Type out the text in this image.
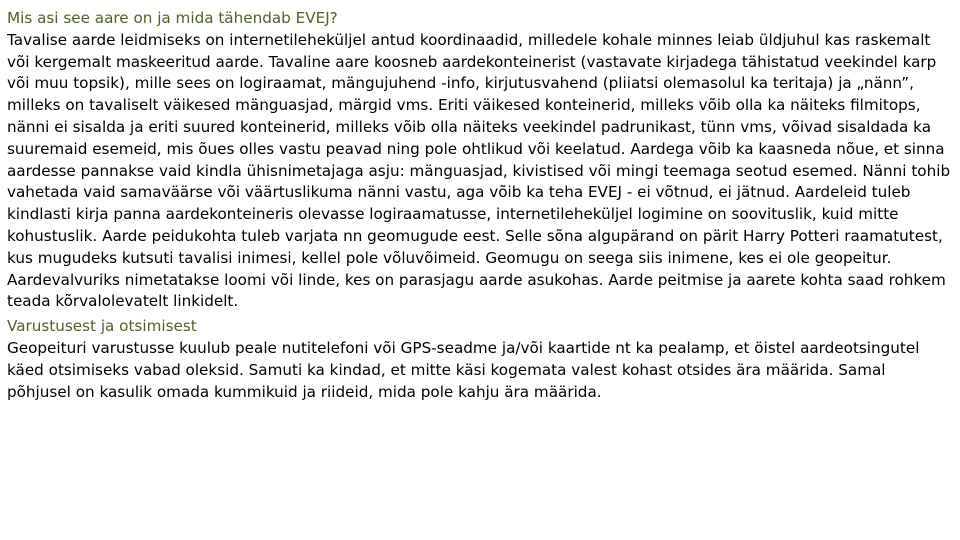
Mis asi see aare on ja mida tähendab EVEJ?

Tavalise aarde leidmiseks on internetileheküljel antud koordinaadid, milledele kohale minnes leiab üldjuhul kas raskemalt või kergemalt maskeeritud aarde. Tavaline aare koosneb aardekonteinerist (vastavate kirjadega tähistatud veekindel karp või muu topsik), mille sees on logiraamat, mängujuhend -info, kirjutusvahend (pliiatsi olemasolul ka teritaja) ja „nänn”, milleks on tavaliselt väikesed mänguasjad, märgid vms. Eriti väikesed konteinerid, milleks võib olla ka näiteks filmitops, nänni ei sisalda ja eriti suured konteinerid, milleks võib olla näiteks veekindel padrunikast, tünn vms, võivad sisaldada ka suuremaid esemeid, mis õues olles vastu peavad ning pole ohtlikud või keelatud. Aardega võib ka kaasneda nõue, et sinna aardesse pannakse vaid kindla ühisnimetajaga asju: mänguasjad, kivistised või mingi teemaga seotud esemed. Nänni tohib vahetada vaid samaväärse või väärtuslikuma nänni vastu, aga võib ka teha EVEJ - ei võtnud, ei jätnud. Aardeleid tuleb kindlasti kirja panna aardekonteineris olevasse logiraamatusse, internetileheküljel logimine on soovituslik, kuid mitte kohustuslik. Aarde peidukohta tuleb varjata nn geomugude eest. Selle sõna algupärand on pärit Harry Potteri raamatutest, kus mugudeks kutsuti tavalisi inimesi, kellel pole võluvõimeid. Geomugu on seega siis inimene, kes ei ole geopeitur. Aardevalvuriks nimetatakse loomi või linde, kes on parasjagu aarde asukohas. Aarde peitmise ja aarete kohta saad rohkem teada kõrvalolevatelt linkidelt.

Varustusest ja otsimisest

Geopeituri varustusse kuulub peale nutitelefoni või GPS-seadme ja/või kaartide nt ka pealamp, et öistel aardeotsingutel käed otsimiseks vabad oleksid. Samuti ka kindad, et mitte käsi kogemata valest kohast otsides ära määrida. Samal põhjusel on kasulik omada kummikuid ja riideid, mida pole kahju ära määrida.
